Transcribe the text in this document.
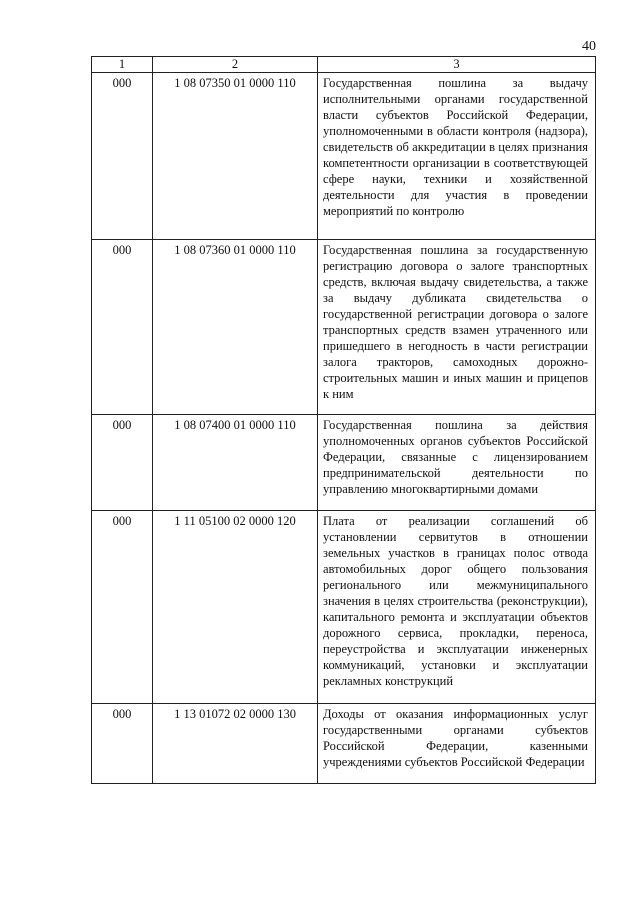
40
1	2	3
000	1 08 07350 01 0000 110	Государственная пошлина за выдачу исполнительными органами государственной власти субъектов Российской Федерации, уполномоченными в области контроля (надзора), свидетельств об аккредитации в целях признания компетентности организации в соответствующей сфере науки, техники и хозяйственной деятельности для участия в проведении мероприятий по контролю
000	1 08 07360 01 0000 110	Государственная пошлина за государственную регистрацию договора о залоге транспортных средств, включая выдачу свидетельства, а также за выдачу дубликата свидетельства о государственной регистрации договора о залоге транспортных средств взамен утраченного или пришедшего в негодность в части регистрации залога тракторов, самоходных дорожно-строительных машин и иных машин и прицепов к ним
000	1 08 07400 01 0000 110	Государственная пошлина за действия уполномоченных органов субъектов Российской Федерации, связанные с лицензированием предпринимательской деятельности по управлению многоквартирными домами
000	1 11 05100 02 0000 120	Плата от реализации соглашений об установлении сервитутов в отношении земельных участков в границах полос отвода автомобильных дорог общего пользования регионального или межмуниципального значения в целях строительства (реконструкции), капитального ремонта и эксплуатации объектов дорожного сервиса, прокладки, переноса, переустройства и эксплуатации инженерных коммуникаций, установки и эксплуатации рекламных конструкций
000	1 13 01072 02 0000 130	Доходы от оказания информационных услуг государственными органами субъектов Российской Федерации, казенными учреждениями субъектов Российской Федерации
